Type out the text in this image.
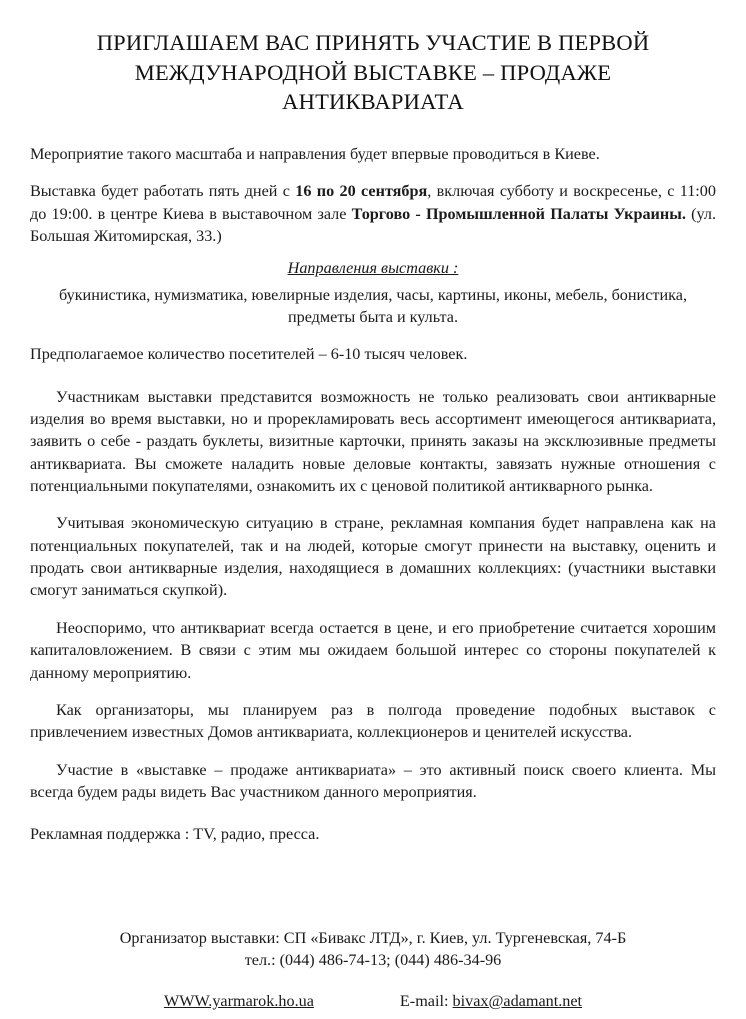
ПРИГЛАШАЕМ ВАС ПРИНЯТЬ УЧАСТИЕ В ПЕРВОЙ
МЕЖДУНАРОДНОЙ ВЫСТАВКЕ – ПРОДАЖЕ
АНТИКВАРИАТА

Мероприятие такого масштаба и направления будет впервые проводиться в Киеве.

Выставка будет работать пять дней с 16 по 20 сентября, включая субботу и воскресенье, с 11:00 до 19:00. в центре Киева в выставочном зале Торгово - Промышленной Палаты Украины. (ул. Большая Житомирская, 33.)

Направления выставки :

букинистика, нумизматика, ювелирные изделия, часы, картины, иконы, мебель, бонистика, предметы быта и культа.

Предполагаемое количество посетителей – 6-10 тысяч человек.

Участникам выставки представится возможность не только реализовать свои антикварные изделия во время выставки, но и прорекламировать весь ассортимент имеющегося антиквариата, заявить о себе - раздать буклеты, визитные карточки, принять заказы на эксклюзивные предметы антиквариата. Вы сможете наладить новые деловые контакты, завязать нужные отношения с потенциальными покупателями, ознакомить их с ценовой политикой антикварного рынка.

Учитывая экономическую ситуацию в стране, рекламная компания будет направлена как на потенциальных покупателей, так и на людей, которые смогут принести на выставку, оценить и продать свои антикварные изделия, находящиеся в домашних коллекциях: (участники выставки смогут заниматься скупкой).

Неоспоримо, что антиквариат всегда остается в цене, и его приобретение считается хорошим капиталовложением. В связи с этим мы ожидаем большой интерес со стороны покупателей к данному мероприятию.

Как организаторы, мы планируем раз в полгода проведение подобных выставок с привлечением известных Домов антиквариата, коллекционеров и ценителей искусства.

Участие в «выставке – продаже антиквариата» – это активный поиск своего клиента. Мы всегда будем рады видеть Вас участником данного мероприятия.

Рекламная поддержка : TV, радио, пресса.

Организатор выставки: СП «Бивакс ЛТД», г. Киев, ул. Тургеневская, 74-Б

тел.: (044) 486-74-13; (044) 486-34-96

WWW.yarmarok.ho.ua	E-mail: bivax@adamant.net
